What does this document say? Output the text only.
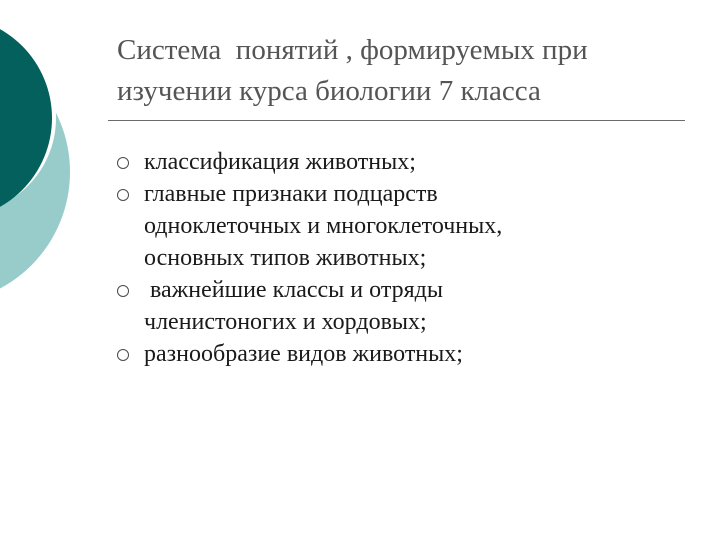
Система  понятий , формируемых при
изучении курса биологии 7 класса
классификация животных;
главные признаки подцарств
одноклеточных и многоклеточных,
основных типов животных;
важнейшие классы и отряды
членистоногих и хордовых;
разнообразие видов животных;
